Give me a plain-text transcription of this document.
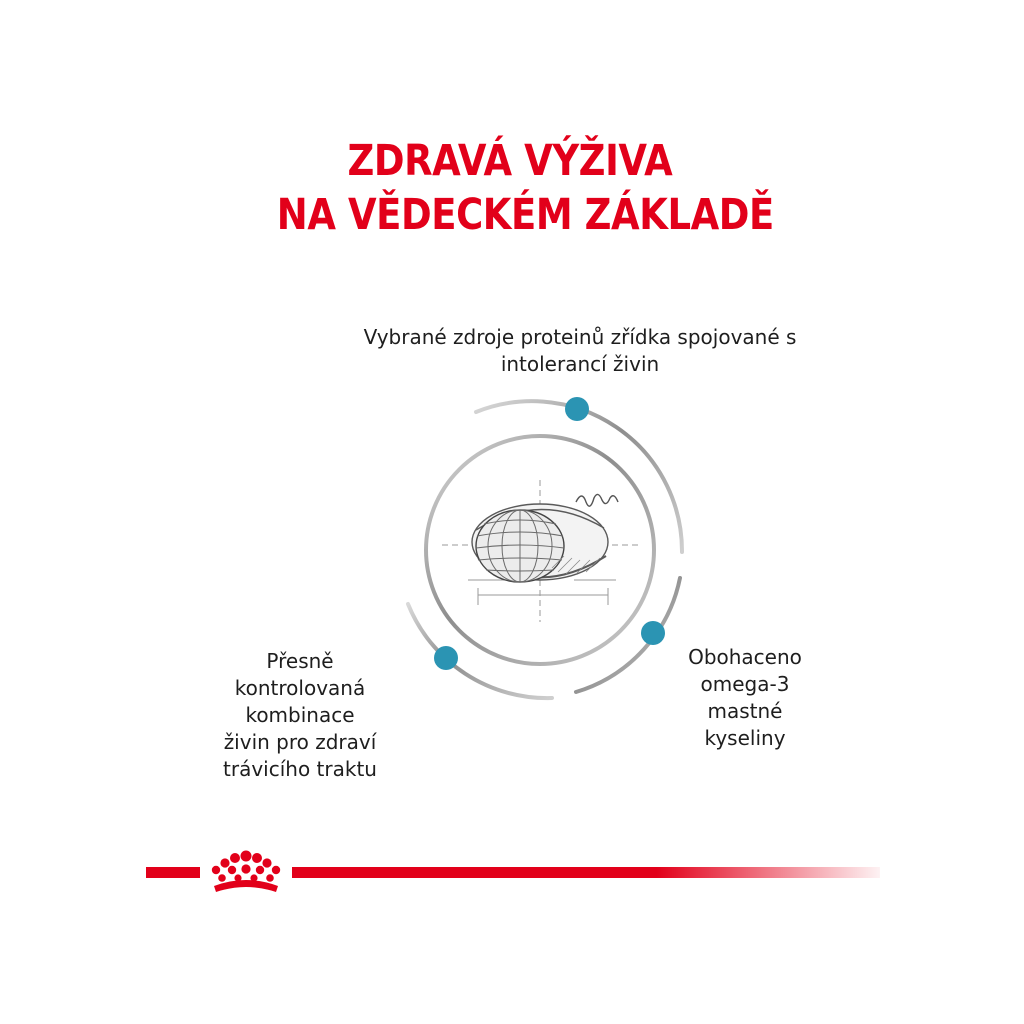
ZDRAVÁ VÝŽIVA
NA VĚDECKÉM ZÁKLADĚ
Vybrané zdroje proteinů zřídka spojované s
intolerancí živin
Přesně
kontrolovaná
kombinace
živin pro zdraví
trávicího traktu
Obohaceno
omega-3
mastné
kyseliny
